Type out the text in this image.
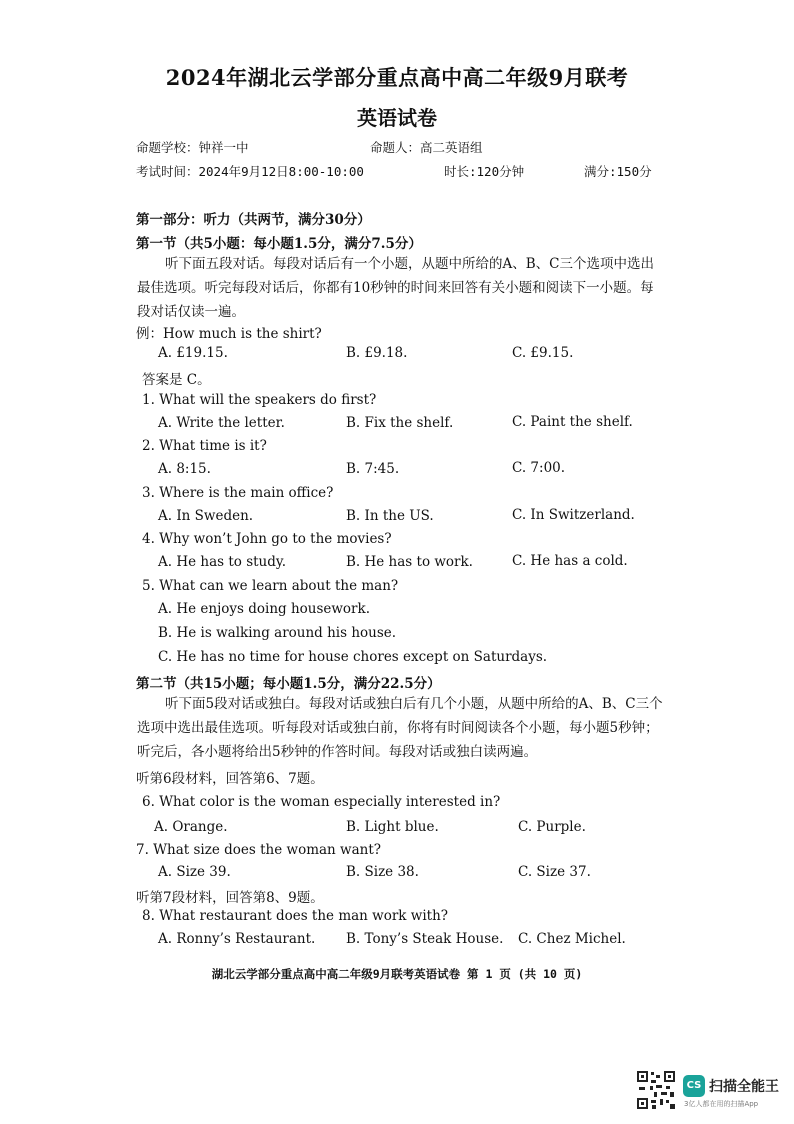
2024年湖北云学部分重点高中高二年级9月联考
英语试卷
命题学校：钟祥一中	命题人：高二英语组
考试时间：2024年9月12日8:00-10:00	时长:120分钟	满分:150分
第一部分：听力（共两节，满分30分）
第一节（共5小题：每小题1.5分，满分7.5分）
听下面五段对话。每段对话后有一个小题，从题中所给的A、B、C三个选项中选出最佳选项。听完每段对话后，你都有10秒钟的时间来回答有关小题和阅读下一小题。每段对话仅读一遍。
例：How much is the shirt?
A. £19.15.	B. £9.18.	C. £9.15.
答案是 C。
1. What will the speakers do first?
A. Write the letter.	B. Fix the shelf.	C. Paint the shelf.
2. What time is it?
A. 8:15.	B. 7:45.	C. 7:00.
3. Where is the main office?
A. In Sweden.	B. In the US.	C. In Switzerland.
4. Why won’t John go to the movies?
A. He has to study.	B. He has to work.	C. He has a cold.
5. What can we learn about the man?
A. He enjoys doing housework.
B. He is walking around his house.
C. He has no time for house chores except on Saturdays.
第二节（共15小题；每小题1.5分，满分22.5分）
听下面5段对话或独白。每段对话或独白后有几个小题，从题中所给的A、B、C三个选项中选出最佳选项。听每段对话或独白前，你将有时间阅读各个小题，每小题5秒钟；听完后，各小题将给出5秒钟的作答时间。每段对话或独白读两遍。
听第6段材料，回答第6、7题。
6. What color is the woman especially interested in?
A. Orange.	B. Light blue.	C. Purple.
7. What size does the woman want?
A. Size 39.	B. Size 38.	C. Size 37.
听第7段材料，回答第8、9题。
8. What restaurant does the man work with?
A. Ronny’s Restaurant. B. Tony’s Steak House. C. Chez Michel.
湖北云学部分重点高中高二年级9月联考英语试卷 第 1 页 (共 10 页)
CS 扫描全能王
3亿人都在用的扫描App
